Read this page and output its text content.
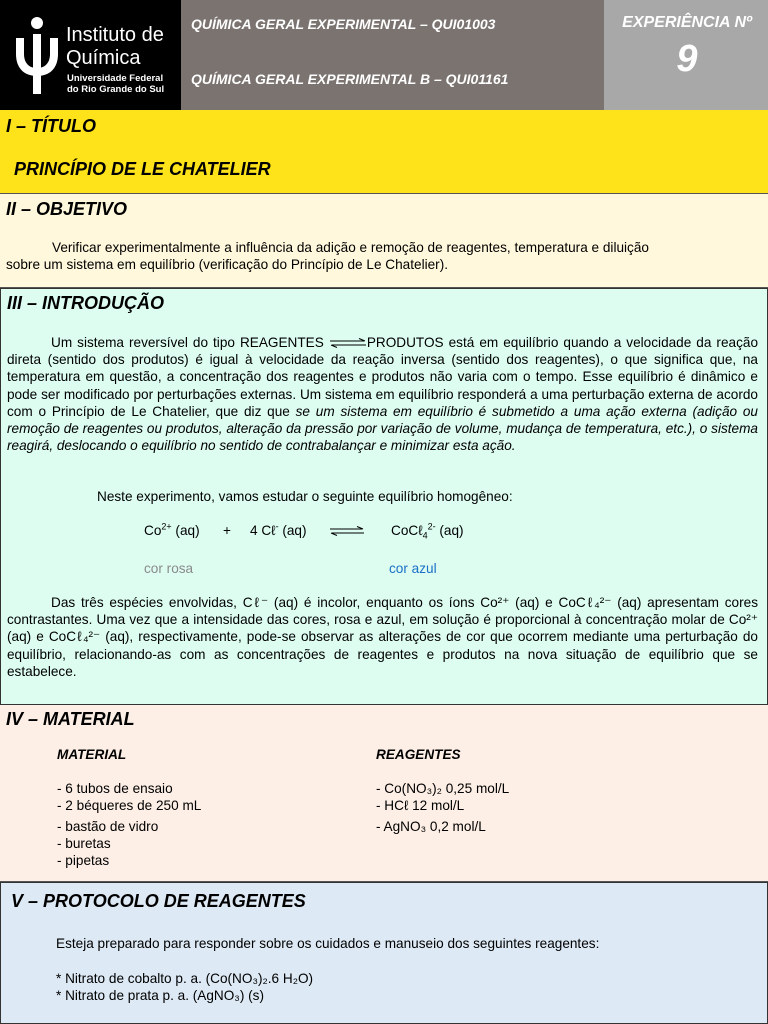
Instituto de
Química
Universidade Federal
do Rio Grande do Sul
QUÍMICA GERAL EXPERIMENTAL – QUI01003
QUÍMICA GERAL EXPERIMENTAL B – QUI01161
EXPERIÊNCIA Nº
9
I – TÍTULO
PRINCÍPIO DE LE CHATELIER
II – OBJETIVO
Verificar experimentalmente a influência da adição e remoção de reagentes, temperatura e diluição
sobre um sistema em equilíbrio (verificação do Princípio de Le Chatelier).
III – INTRODUÇÃO
Um sistema reversível do tipo REAGENTES ⇌PRODUTOS está em equilíbrio quando a velocidade da reação direta (sentido dos produtos) é igual à velocidade da reação inversa (sentido dos reagentes), o que significa que, na temperatura em questão, a concentração dos reagentes e produtos não varia com o tempo. Esse equilíbrio é dinâmico e pode ser modificado por perturbações externas. Um sistema em equilíbrio responderá a uma perturbação externa de acordo com o Princípio de Le Chatelier, que diz que se um sistema em equilíbrio é submetido a uma ação externa (adição ou remoção de reagentes ou produtos, alteração da pressão por variação de volume, mudança de temperatura, etc.), o sistema reagirá, deslocando o equilíbrio no sentido de contrabalançar e minimizar esta ação.
Neste experimento, vamos estudar o seguinte equilíbrio homogêneo:
$Co^{2+}$ (aq) + 4 Cℓ- (aq) ⇌ CoCℓ$_4^{2-}$ (aq)
cor rosa	cor azul
Das três espécies envolvidas, Cℓ⁻ (aq) é incolor, enquanto os íons Co²⁺ (aq) e CoCℓ₄²⁻ (aq) apresentam cores contrastantes. Uma vez que a intensidade das cores, rosa e azul, em solução é proporcional à concentração molar de Co²⁺ (aq) e CoCℓ₄²⁻ (aq), respectivamente, pode-se observar as alterações de cor que ocorrem mediante uma perturbação do equilíbrio, relacionando-as com as concentrações de reagentes e produtos na nova situação de equilíbrio que se estabelece.
IV – MATERIAL
MATERIAL	REAGENTES
- 6 tubos de ensaio
- 2 béqueres de 250 mL
- bastão de vidro
- buretas
- pipetas
- Co(NO₃)₂ 0,25 mol/L
- HCℓ 12 mol/L
- AgNO₃ 0,2 mol/L
V – PROTOCOLO DE REAGENTES
Esteja preparado para responder sobre os cuidados e manuseio dos seguintes reagentes:
* Nitrato de cobalto p. a. (Co(NO₃)₂.6 H₂O)
* Nitrato de prata p. a. (AgNO₃) (s)
